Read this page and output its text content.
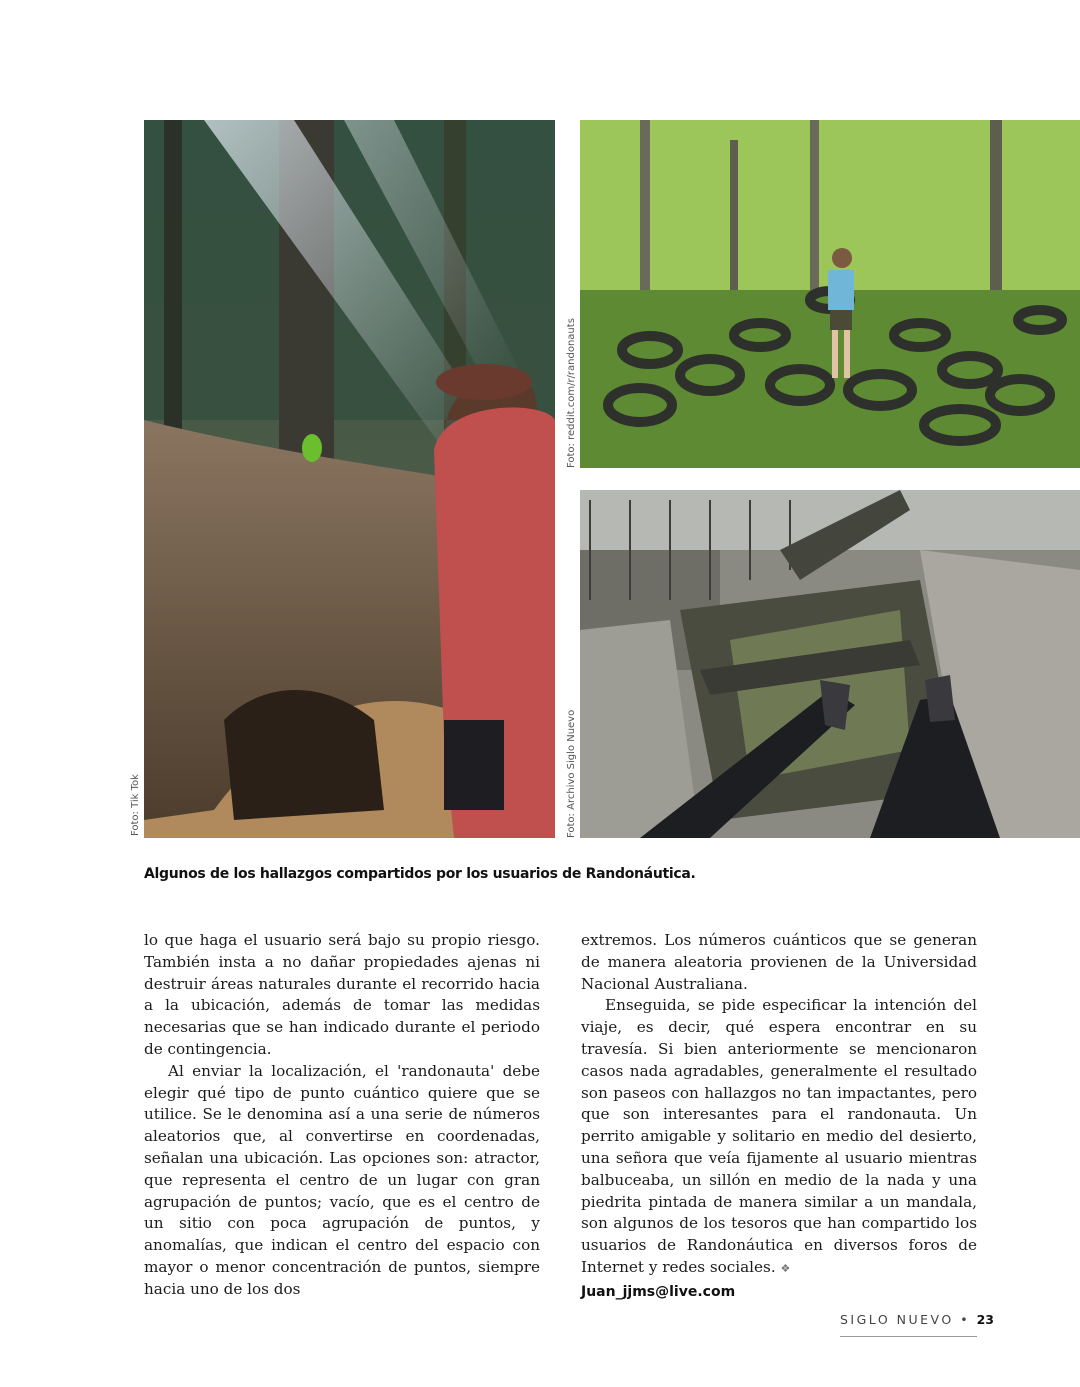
Foto: Tik Tok
Foto: reddit.com/r/randonauts
Foto: Archivo Siglo Nuevo
Algunos de los hallazgos compartidos por los usuarios de Randonáutica.

lo que haga el usuario será bajo su propio riesgo. También insta a no dañar propiedades ajenas ni destruir áreas naturales durante el recorrido hacia a la ubicación, además de tomar las medidas necesarias que se han indicado durante el periodo de contingencia.

Al enviar la localización, el 'randonauta' debe elegir qué tipo de punto cuántico quiere que se utilice. Se le denomina así a una serie de números aleatorios que, al convertirse en coordenadas, señalan una ubicación. Las opciones son: atractor, que representa el centro de un lugar con gran agrupación de puntos; vacío, que es el centro de un sitio con poca agrupación de puntos, y anomalías, que indican el centro del espacio con mayor o menor concentración de puntos, siempre hacia uno de los dos

extremos. Los números cuánticos que se generan de manera aleatoria provienen de la Universidad Nacional Australiana.

Enseguida, se pide especificar la intención del viaje, es decir, qué espera encontrar en su travesía. Si bien anteriormente se mencionaron casos nada agradables, generalmente el resultado son paseos con hallazgos no tan impactantes, pero que son interesantes para el randonauta. Un perrito amigable y solitario en medio del desierto, una señora que veía fijamente al usuario mientras balbuceaba, un sillón en medio de la nada y una piedrita pintada de manera similar a un mandala, son algunos de los tesoros que han compartido los usuarios de Randonáutica en diversos foros de Internet y redes sociales. ❖

Juan_jjms@live.com
SIGLO NUEVO • 23
